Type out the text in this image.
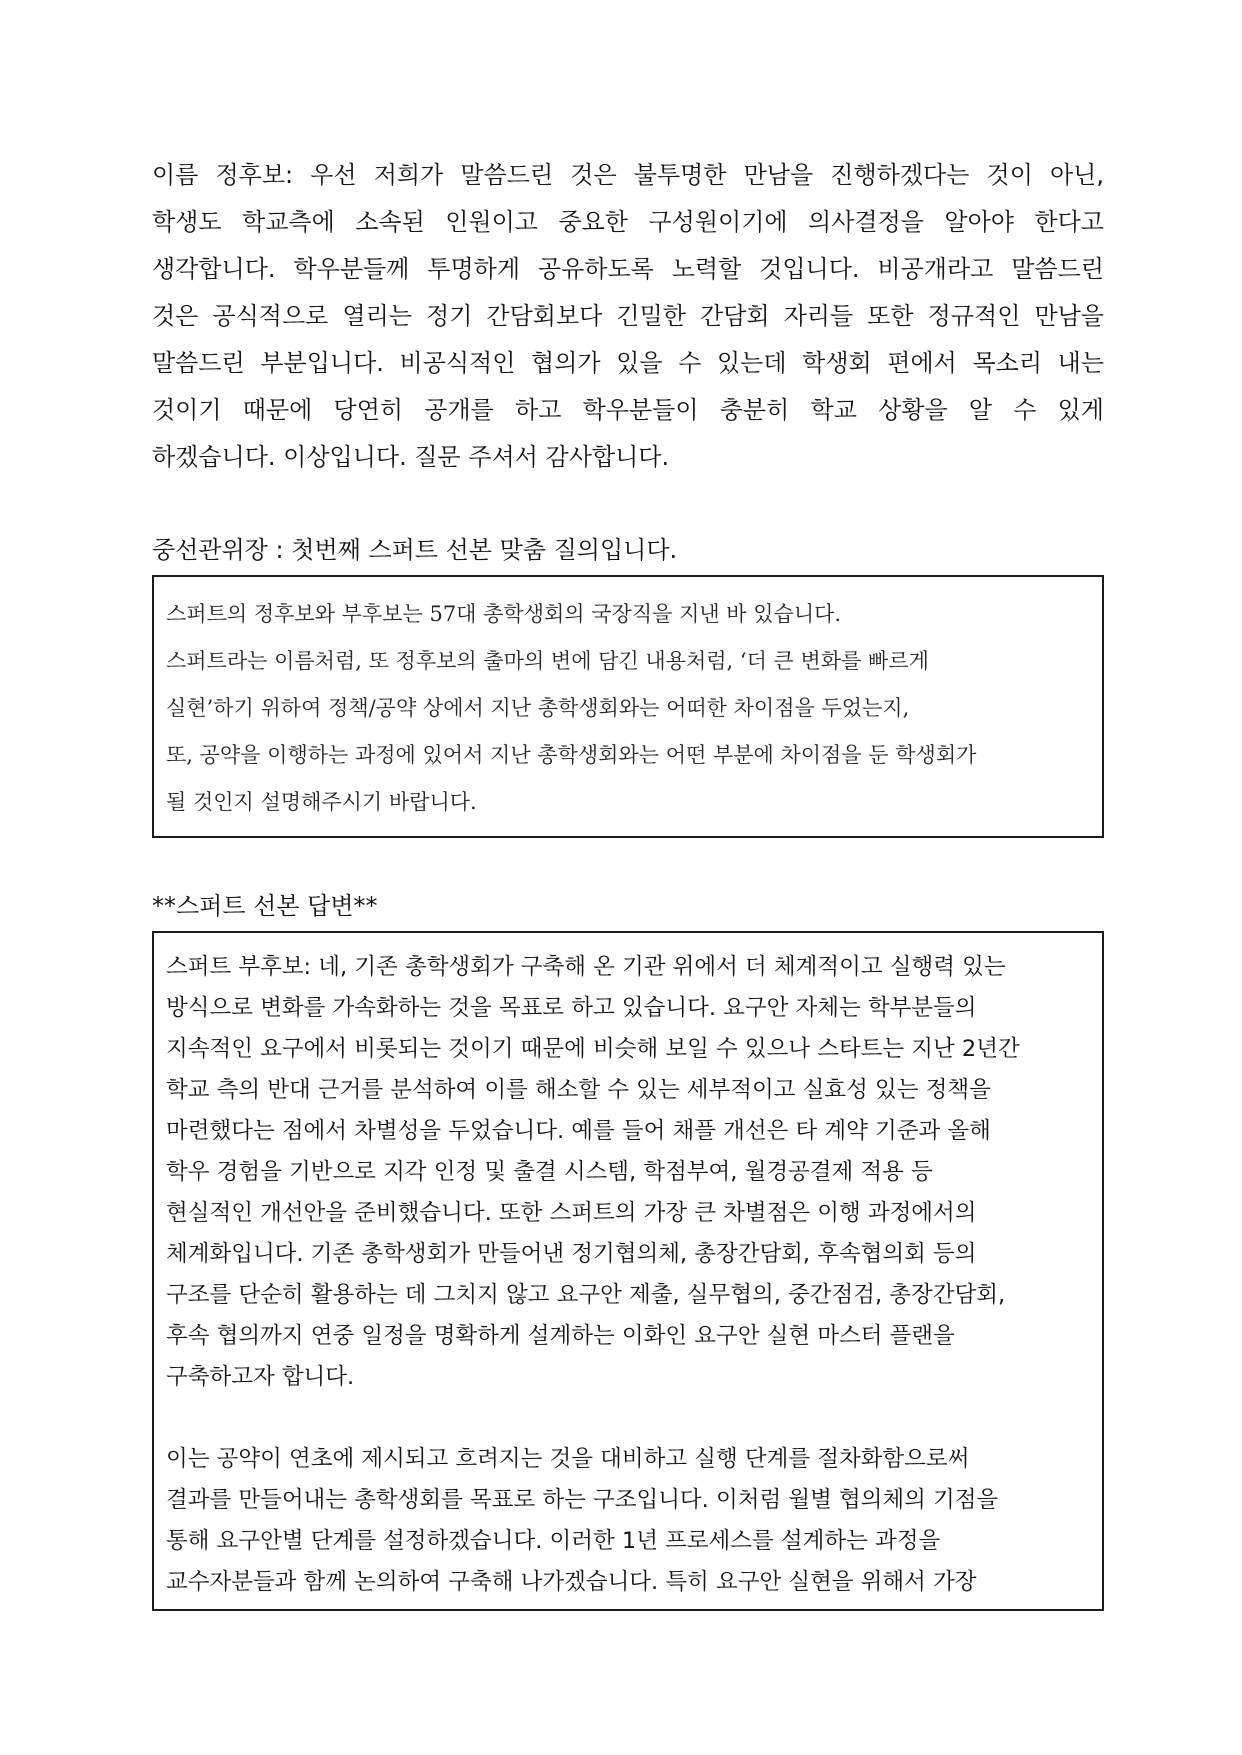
이름 정후보: 우선 저희가 말씀드린 것은 불투명한 만남을 진행하겠다는 것이 아닌,
학생도 학교측에 소속된 인원이고 중요한 구성원이기에 의사결정을 알아야 한다고
생각합니다. 학우분들께 투명하게 공유하도록 노력할 것입니다. 비공개라고 말씀드린
것은 공식적으로 열리는 정기 간담회보다 긴밀한 간담회 자리들 또한 정규적인 만남을
말씀드린 부분입니다. 비공식적인 협의가 있을 수 있는데 학생회 편에서 목소리 내는
것이기 때문에 당연히 공개를 하고 학우분들이 충분히 학교 상황을 알 수 있게
하겠습니다. 이상입니다. 질문 주셔서 감사합니다.
중선관위장 : 첫번째 스퍼트 선본 맞춤 질의입니다.
스퍼트의 정후보와 부후보는 57대 총학생회의 국장직을 지낸 바 있습니다.
스퍼트라는 이름처럼, 또 정후보의 출마의 변에 담긴 내용처럼, ‘더 큰 변화를 빠르게
실현’하기 위하여 정책/공약 상에서 지난 총학생회와는 어떠한 차이점을 두었는지,
또, 공약을 이행하는 과정에 있어서 지난 총학생회와는 어떤 부분에 차이점을 둔 학생회가
될 것인지 설명해주시기 바랍니다.
**스퍼트 선본 답변**
스퍼트 부후보: 네, 기존 총학생회가 구축해 온 기관 위에서 더 체계적이고 실행력 있는
방식으로 변화를 가속화하는 것을 목표로 하고 있습니다. 요구안 자체는 학부분들의
지속적인 요구에서 비롯되는 것이기 때문에 비슷해 보일 수 있으나 스타트는 지난 2년간
학교 측의 반대 근거를 분석하여 이를 해소할 수 있는 세부적이고 실효성 있는 정책을
마련했다는 점에서 차별성을 두었습니다. 예를 들어 채플 개선은 타 계약 기준과 올해
학우 경험을 기반으로 지각 인정 및 출결 시스템, 학점부여, 월경공결제 적용 등
현실적인 개선안을 준비했습니다. 또한 스퍼트의 가장 큰 차별점은 이행 과정에서의
체계화입니다. 기존 총학생회가 만들어낸 정기협의체, 총장간담회, 후속협의회 등의
구조를 단순히 활용하는 데 그치지 않고 요구안 제출, 실무협의, 중간점검, 총장간담회,
후속 협의까지 연중 일정을 명확하게 설계하는 이화인 요구안 실현 마스터 플랜을
구축하고자 합니다.
이는 공약이 연초에 제시되고 흐려지는 것을 대비하고 실행 단계를 절차화함으로써
결과를 만들어내는 총학생회를 목표로 하는 구조입니다. 이처럼 월별 협의체의 기점을
통해 요구안별 단계를 설정하겠습니다. 이러한 1년 프로세스를 설계하는 과정을
교수자분들과 함께 논의하여 구축해 나가겠습니다. 특히 요구안 실현을 위해서 가장
